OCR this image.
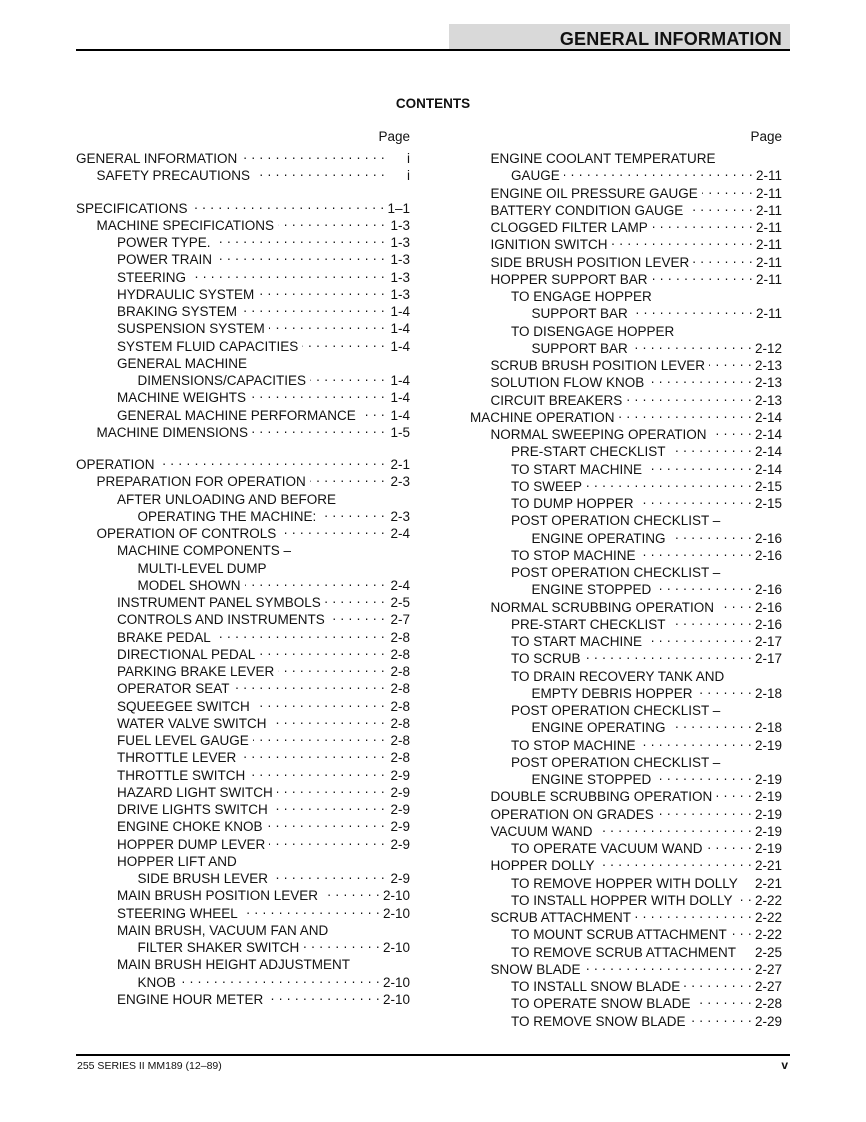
GENERAL INFORMATION
CONTENTS
Page
GENERAL INFORMATION . . .	i
SAFETY PRECAUTIONS . . .	i
SPECIFICATIONS . . .	1–1
MACHINE SPECIFICATIONS . . .	1-3
POWER TYPE. . . .	1-3
POWER TRAIN . . .	1-3
STEERING . . .	1-3
HYDRAULIC SYSTEM . . .	1-3
BRAKING SYSTEM . . .	1-4
SUSPENSION SYSTEM . . .	1-4
SYSTEM FLUID CAPACITIES . . .	1-4
GENERAL MACHINE
DIMENSIONS/CAPACITIES . . .	1-4
MACHINE WEIGHTS . . .	1-4
GENERAL MACHINE PERFORMANCE . . .	1-4
MACHINE DIMENSIONS . . .	1-5
OPERATION . . .	2-1
PREPARATION FOR OPERATION . . .	2-3
AFTER UNLOADING AND BEFORE
OPERATING THE MACHINE: . . .	2-3
OPERATION OF CONTROLS . . .	2-4
MACHINE COMPONENTS –
MULTI-LEVEL DUMP
MODEL SHOWN . . .	2-4
INSTRUMENT PANEL SYMBOLS . . .	2-5
CONTROLS AND INSTRUMENTS . . .	2-7
BRAKE PEDAL . . .	2-8
DIRECTIONAL PEDAL . . .	2-8
PARKING BRAKE LEVER . . .	2-8
OPERATOR SEAT . . .	2-8
SQUEEGEE SWITCH . . .	2-8
WATER VALVE SWITCH . . .	2-8
FUEL LEVEL GAUGE . . .	2-8
THROTTLE LEVER . . .	2-8
THROTTLE SWITCH . . .	2-9
HAZARD LIGHT SWITCH . . .	2-9
DRIVE LIGHTS SWITCH . . .	2-9
ENGINE CHOKE KNOB . . .	2-9
HOPPER DUMP LEVER . . .	2-9
HOPPER LIFT AND
SIDE BRUSH LEVER . . .	2-9
MAIN BRUSH POSITION LEVER . . .	2-10
STEERING WHEEL . . .	2-10
MAIN BRUSH, VACUUM FAN AND
FILTER SHAKER SWITCH . . .	2-10
MAIN BRUSH HEIGHT ADJUSTMENT
KNOB . . .	2-10
ENGINE HOUR METER . . .	2-10
Page
ENGINE COOLANT TEMPERATURE
GAUGE . . .	2-11
ENGINE OIL PRESSURE GAUGE . . .	2-11
BATTERY CONDITION GAUGE . . .	2-11
CLOGGED FILTER LAMP . . .	2-11
IGNITION SWITCH . . .	2-11
SIDE BRUSH POSITION LEVER . . .	2-11
HOPPER SUPPORT BAR . . .	2-11
TO ENGAGE HOPPER
SUPPORT BAR . . .	2-11
TO DISENGAGE HOPPER
SUPPORT BAR . . .	2-12
SCRUB BRUSH POSITION LEVER . . .	2-13
SOLUTION FLOW KNOB . . .	2-13
CIRCUIT BREAKERS . . .	2-13
MACHINE OPERATION . . .	2-14
NORMAL SWEEPING OPERATION . . .	2-14
PRE-START CHECKLIST . . .	2-14
TO START MACHINE . . .	2-14
TO SWEEP . . .	2-15
TO DUMP HOPPER . . .	2-15
POST OPERATION CHECKLIST –
ENGINE OPERATING . . .	2-16
TO STOP MACHINE . . .	2-16
POST OPERATION CHECKLIST –
ENGINE STOPPED . . .	2-16
NORMAL SCRUBBING OPERATION . . .	2-16
PRE-START CHECKLIST . . .	2-16
TO START MACHINE . . .	2-17
TO SCRUB . . .	2-17
TO DRAIN RECOVERY TANK AND
EMPTY DEBRIS HOPPER . . .	2-18
POST OPERATION CHECKLIST –
ENGINE OPERATING . . .	2-18
TO STOP MACHINE . . .	2-19
POST OPERATION CHECKLIST –
ENGINE STOPPED . . .	2-19
DOUBLE SCRUBBING OPERATION . . .	2-19
OPERATION ON GRADES . . .	2-19
VACUUM WAND . . .	2-19
TO OPERATE VACUUM WAND . . .	2-19
HOPPER DOLLY . . .	2-21
TO REMOVE HOPPER WITH DOLLY 2-21
TO INSTALL HOPPER WITH DOLLY . . . 2-22
SCRUB ATTACHMENT . . .	2-22
TO MOUNT SCRUB ATTACHMENT . . . 2-22
TO REMOVE SCRUB ATTACHMENT 2-25
SNOW BLADE . . .	2-27
TO INSTALL SNOW BLADE . . .	2-27
TO OPERATE SNOW BLADE . . .	2-28
TO REMOVE SNOW BLADE . . .	2-29
255 SERIES II MM189 (12–89)	v
